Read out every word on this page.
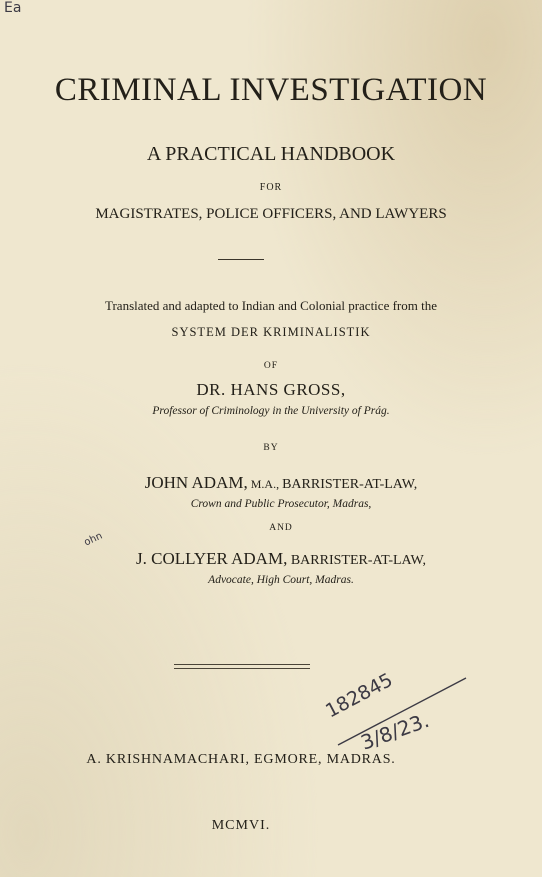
Ea
CRIMINAL INVESTIGATION
A PRACTICAL HANDBOOK
FOR
MAGISTRATES, POLICE OFFICERS, AND LAWYERS
Translated and adapted to Indian and Colonial practice from the
SYSTEM DER KRIMINALISTIK
OF
DR. HANS GROSS,
Professor of Criminology in the University of Prág.
BY
JOHN ADAM, M.A., BARRISTER-AT-LAW,
Crown and Public Prosecutor, Madras,
AND
J. COLLYER ADAM, BARRISTER-AT-LAW,
ohn
Advocate, High Court, Madras.
182845
3/8/23.
A. KRISHNAMACHARI, EGMORE, MADRAS.
MCMVI.
